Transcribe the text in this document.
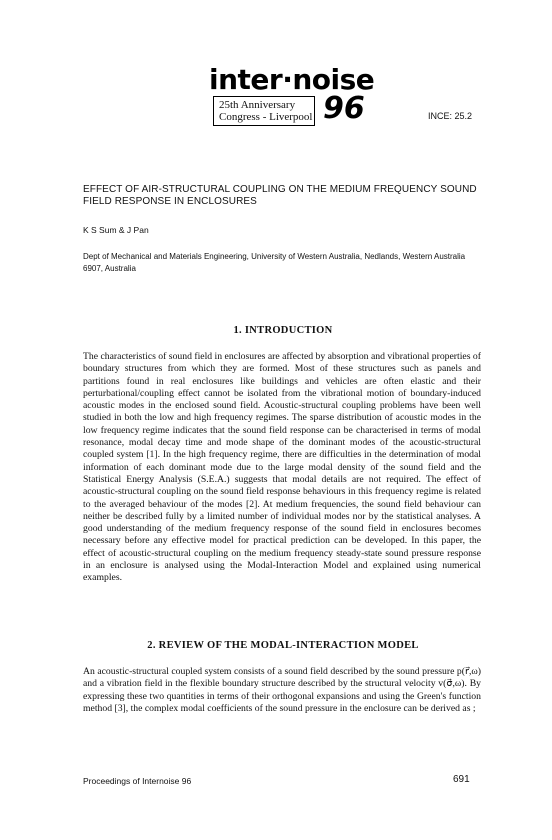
inter·noise
25th Anniversary
Congress - Liverpool 96	INCE: 25.2
EFFECT OF AIR-STRUCTURAL COUPLING ON THE MEDIUM FREQUENCY SOUND FIELD RESPONSE IN ENCLOSURES
K S Sum & J Pan
Dept of Mechanical and Materials Engineering, University of Western Australia, Nedlands, Western Australia 6907, Australia
1. INTRODUCTION

The characteristics of sound field in enclosures are affected by absorption and vibrational properties of boundary structures from which they are formed. Most of these structures such as panels and partitions found in real enclosures like buildings and vehicles are often elastic and their perturbational/coupling effect cannot be isolated from the vibrational motion of boundary-induced acoustic modes in the enclosed sound field. Acoustic-structural coupling problems have been well studied in both the low and high frequency regimes. The sparse distribution of acoustic modes in the low frequency regime indicates that the sound field response can be characterised in terms of modal resonance, modal decay time and mode shape of the dominant modes of the acoustic-structural coupled system [1]. In the high frequency regime, there are difficulties in the determination of modal information of each dominant mode due to the large modal density of the sound field and the Statistical Energy Analysis (S.E.A.) suggests that modal details are not required. The effect of acoustic-structural coupling on the sound field response behaviours in this frequency regime is related to the averaged behaviour of the modes [2]. At medium frequencies, the sound field behaviour can neither be described fully by a limited number of individual modes nor by the statistical analyses. A good understanding of the medium frequency response of the sound field in enclosures becomes necessary before any effective model for practical prediction can be developed. In this paper, the effect of acoustic-structural coupling on the medium frequency steady-state sound pressure response in an enclosure is analysed using the Modal-Interaction Model and explained using numerical examples.

2. REVIEW OF THE MODAL-INTERACTION MODEL

An acoustic-structural coupled system consists of a sound field described by the sound pressure p(r⃗,ω) and a vibration field in the flexible boundary structure described by the structural velocity v(σ⃗,ω). By expressing these two quantities in terms of their orthogonal expansions and using the Green's function method [3], the complex modal coefficients of the sound pressure in the enclosure can be derived as ;

Proceedings of Internoise 96	691
